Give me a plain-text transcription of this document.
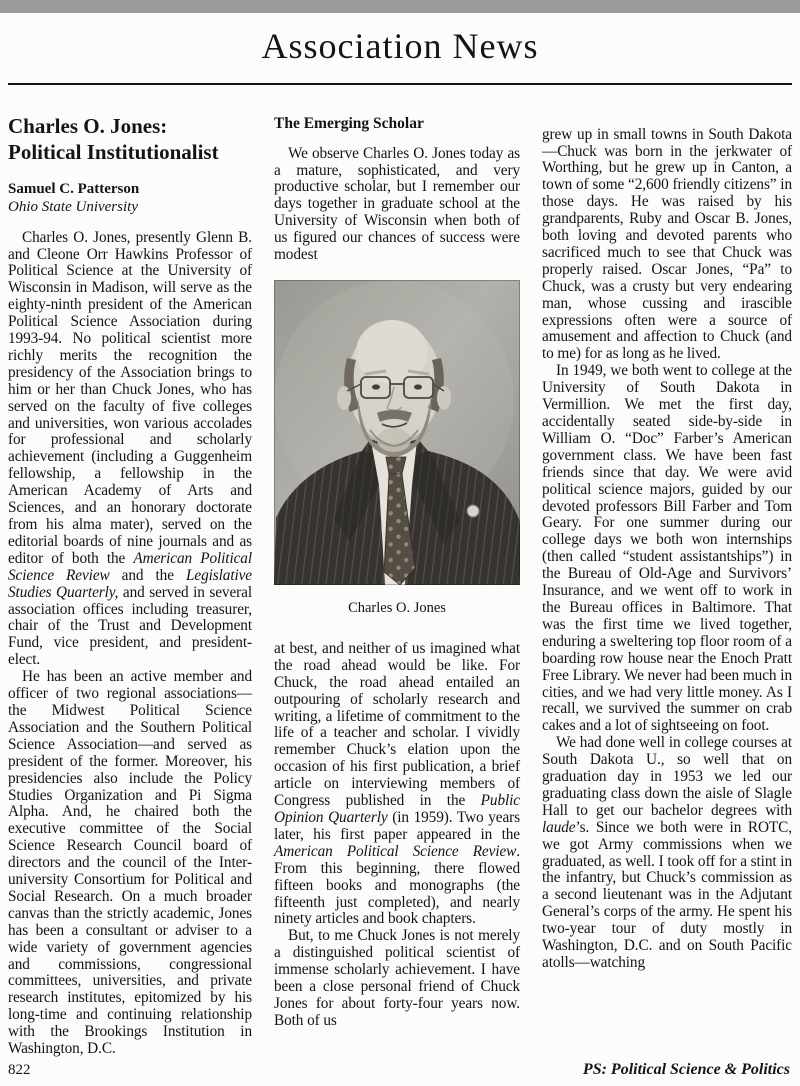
Association News
Charles O. Jones:
Political Institutionalist
Samuel C. Patterson
Ohio State University

Charles O. Jones, presently Glenn B. and Cleone Orr Hawkins Professor of Political Science at the University of Wisconsin in Madison, will serve as the eighty-ninth president of the American Political Science Association during 1993-94. No political scientist more richly merits the recognition the presidency of the Association brings to him or her than Chuck Jones, who has served on the faculty of five colleges and universities, won various accolades for professional and scholarly achievement (including a Guggenheim fellowship, a fellowship in the American Academy of Arts and Sciences, and an honorary doctorate from his alma mater), served on the editorial boards of nine journals and as editor of both the American Political Science Review and the Legislative Studies Quarterly, and served in several association offices including treasurer, chair of the Trust and Development Fund, vice president, and president-elect.

He has been an active member and officer of two regional associations—the Midwest Political Science Association and the Southern Political Science Association—and served as president of the former. Moreover, his presidencies also include the Policy Studies Organization and Pi Sigma Alpha. And, he chaired both the executive committee of the Social Science Research Council board of directors and the council of the Inter-university Consortium for Political and Social Research. On a much broader canvas than the strictly academic, Jones has been a consultant or adviser to a wide variety of government agencies and commissions, congressional committees, universities, and private research institutes, epitomized by his long-time and continuing relationship with the Brookings Institution in Washington, D.C.

The Emerging Scholar

We observe Charles O. Jones today as a mature, sophisticated, and very productive scholar, but I remember our days together in graduate school at the University of Wisconsin when both of us figured our chances of success were modest

Charles O. Jones

at best, and neither of us imagined what the road ahead would be like. For Chuck, the road ahead entailed an outpouring of scholarly research and writing, a lifetime of commitment to the life of a teacher and scholar. I vividly remember Chuck’s elation upon the occasion of his first publication, a brief article on interviewing members of Congress published in the Public Opinion Quarterly (in 1959). Two years later, his first paper appeared in the American Political Science Review. From this beginning, there flowed fifteen books and monographs (the fifteenth just completed), and nearly ninety articles and book chapters.

But, to me Chuck Jones is not merely a distinguished political scientist of immense scholarly achievement. I have been a close personal friend of Chuck Jones for about forty-four years now. Both of us

grew up in small towns in South Dakota—Chuck was born in the jerkwater of Worthing, but he grew up in Canton, a town of some “2,600 friendly citizens” in those days. He was raised by his grandparents, Ruby and Oscar B. Jones, both loving and devoted parents who sacrificed much to see that Chuck was properly raised. Oscar Jones, “Pa” to Chuck, was a crusty but very endearing man, whose cussing and irascible expressions often were a source of amusement and affection to Chuck (and to me) for as long as he lived.

In 1949, we both went to college at the University of South Dakota in Vermillion. We met the first day, accidentally seated side-by-side in William O. “Doc” Farber’s American government class. We have been fast friends since that day. We were avid political science majors, guided by our devoted professors Bill Farber and Tom Geary. For one summer during our college days we both won internships (then called “student assistantships”) in the Bureau of Old-Age and Survivors’ Insurance, and we went off to work in the Bureau offices in Baltimore. That was the first time we lived together, enduring a sweltering top floor room of a boarding row house near the Enoch Pratt Free Library. We never had been much in cities, and we had very little money. As I recall, we survived the summer on crab cakes and a lot of sightseeing on foot.

We had done well in college courses at South Dakota U., so well that on graduation day in 1953 we led our graduating class down the aisle of Slagle Hall to get our bachelor degrees with laude’s. Since we both were in ROTC, we got Army commissions when we graduated, as well. I took off for a stint in the infantry, but Chuck’s commission as a second lieutenant was in the Adjutant General’s corps of the army. He spent his two-year tour of duty mostly in Washington, D.C. and on South Pacific atolls—watching

822	PS: Political Science & Politics
